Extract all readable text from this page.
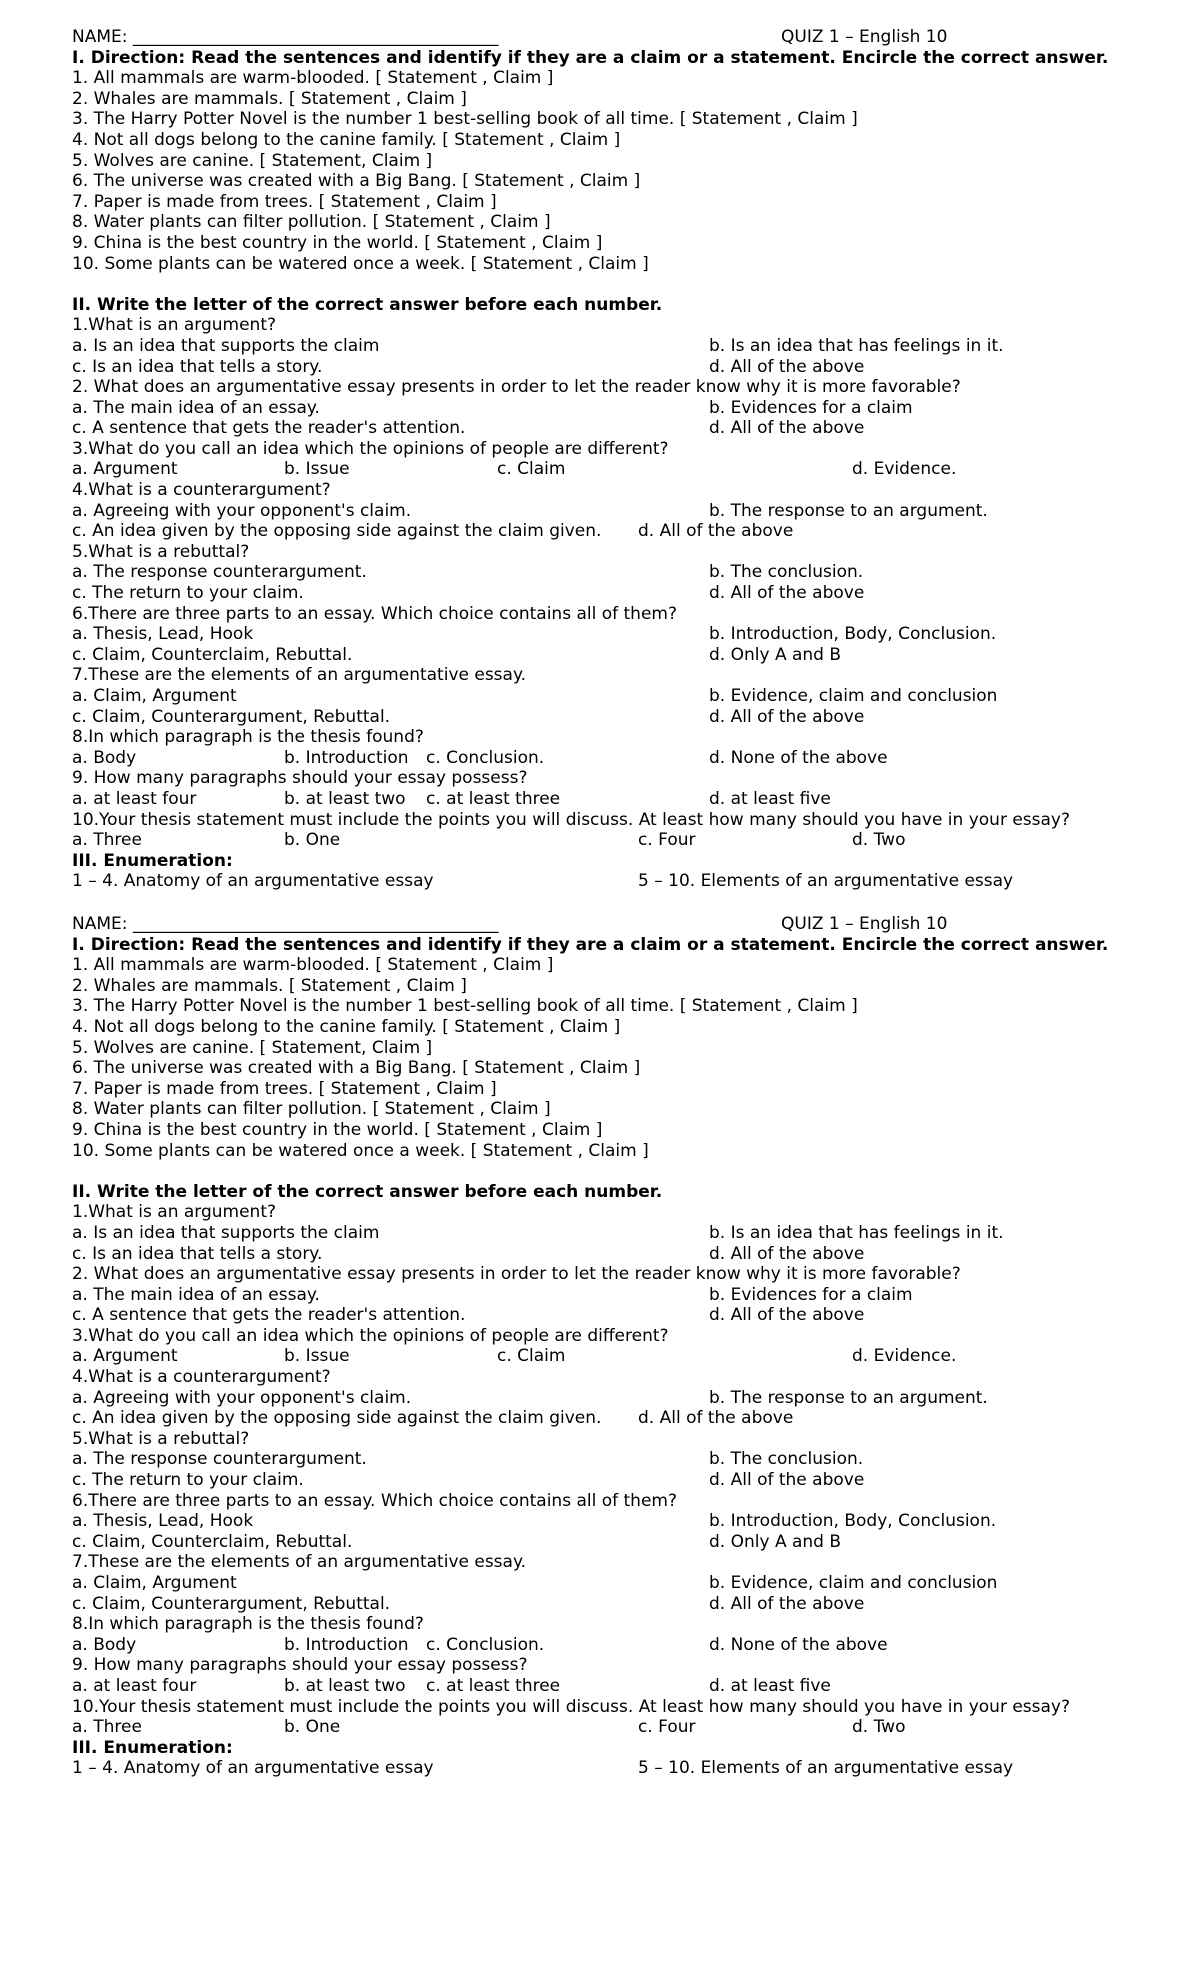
NAME: ___________________________________________	QUIZ 1 – English 10
I. Direction: Read the sentences and identify if they are a claim or a statement. Encircle the correct answer.
1. All mammals are warm-blooded. [ Statement , Claim ]
2. Whales are mammals. [ Statement , Claim ]
3. The Harry Potter Novel is the number 1 best-selling book of all time. [ Statement , Claim ]
4. Not all dogs belong to the canine family. [ Statement , Claim ]
5. Wolves are canine. [ Statement, Claim ]
6. The universe was created with a Big Bang. [ Statement , Claim ]
7. Paper is made from trees. [ Statement , Claim ]
8. Water plants can filter pollution. [ Statement , Claim ]
9. China is the best country in the world. [ Statement , Claim ]
10. Some plants can be watered once a week. [ Statement , Claim ]
II. Write the letter of the correct answer before each number.
1.What is an argument?
a. Is an idea that supports the claim	b. Is an idea that has feelings in it.
c. Is an idea that tells a story.	d. All of the above
2. What does an argumentative essay presents in order to let the reader know why it is more favorable?
a. The main idea of an essay.	b. Evidences for a claim
c. A sentence that gets the reader's attention.	d. All of the above
3.What do you call an idea which the opinions of people are different?
a. Argument	b. Issue	c. Claim	d. Evidence.
4.What is a counterargument?
a. Agreeing with your opponent's claim.	b. The response to an argument.
c. An idea given by the opposing side against the claim given. d. All of the above
5.What is a rebuttal?
a. The response counterargument.	b. The conclusion.
c. The return to your claim.	d. All of the above
6.There are three parts to an essay. Which choice contains all of them?
a. Thesis, Lead, Hook	b. Introduction, Body, Conclusion.
c. Claim, Counterclaim, Rebuttal.	d. Only A and B
7.These are the elements of an argumentative essay.
a. Claim, Argument	b. Evidence, claim and conclusion
c. Claim, Counterargument, Rebuttal.	d. All of the above
8.In which paragraph is the thesis found?
a. Body	b. Introduction c. Conclusion.	d. None of the above
9. How many paragraphs should your essay possess?
a. at least four	b. at least two c. at least three	d. at least five
10.Your thesis statement must include the points you will discuss. At least how many should you have in your essay?
a. Three	b. One	c. Four	d. Two
III. Enumeration:
1 – 4. Anatomy of an argumentative essay	5 – 10. Elements of an argumentative essay
NAME: ___________________________________________	QUIZ 1 – English 10
I. Direction: Read the sentences and identify if they are a claim or a statement. Encircle the correct answer.
1. All mammals are warm-blooded. [ Statement , Claim ]
2. Whales are mammals. [ Statement , Claim ]
3. The Harry Potter Novel is the number 1 best-selling book of all time. [ Statement , Claim ]
4. Not all dogs belong to the canine family. [ Statement , Claim ]
5. Wolves are canine. [ Statement, Claim ]
6. The universe was created with a Big Bang. [ Statement , Claim ]
7. Paper is made from trees. [ Statement , Claim ]
8. Water plants can filter pollution. [ Statement , Claim ]
9. China is the best country in the world. [ Statement , Claim ]
10. Some plants can be watered once a week. [ Statement , Claim ]
II. Write the letter of the correct answer before each number.
1.What is an argument?
a. Is an idea that supports the claim	b. Is an idea that has feelings in it.
c. Is an idea that tells a story.	d. All of the above
2. What does an argumentative essay presents in order to let the reader know why it is more favorable?
a. The main idea of an essay.	b. Evidences for a claim
c. A sentence that gets the reader's attention.	d. All of the above
3.What do you call an idea which the opinions of people are different?
a. Argument	b. Issue	c. Claim	d. Evidence.
4.What is a counterargument?
a. Agreeing with your opponent's claim.	b. The response to an argument.
c. An idea given by the opposing side against the claim given. d. All of the above
5.What is a rebuttal?
a. The response counterargument.	b. The conclusion.
c. The return to your claim.	d. All of the above
6.There are three parts to an essay. Which choice contains all of them?
a. Thesis, Lead, Hook	b. Introduction, Body, Conclusion.
c. Claim, Counterclaim, Rebuttal.	d. Only A and B
7.These are the elements of an argumentative essay.
a. Claim, Argument	b. Evidence, claim and conclusion
c. Claim, Counterargument, Rebuttal.	d. All of the above
8.In which paragraph is the thesis found?
a. Body	b. Introduction c. Conclusion.	d. None of the above
9. How many paragraphs should your essay possess?
a. at least four	b. at least two c. at least three	d. at least five
10.Your thesis statement must include the points you will discuss. At least how many should you have in your essay?
a. Three	b. One	c. Four	d. Two
III. Enumeration:
1 – 4. Anatomy of an argumentative essay	5 – 10. Elements of an argumentative essay
